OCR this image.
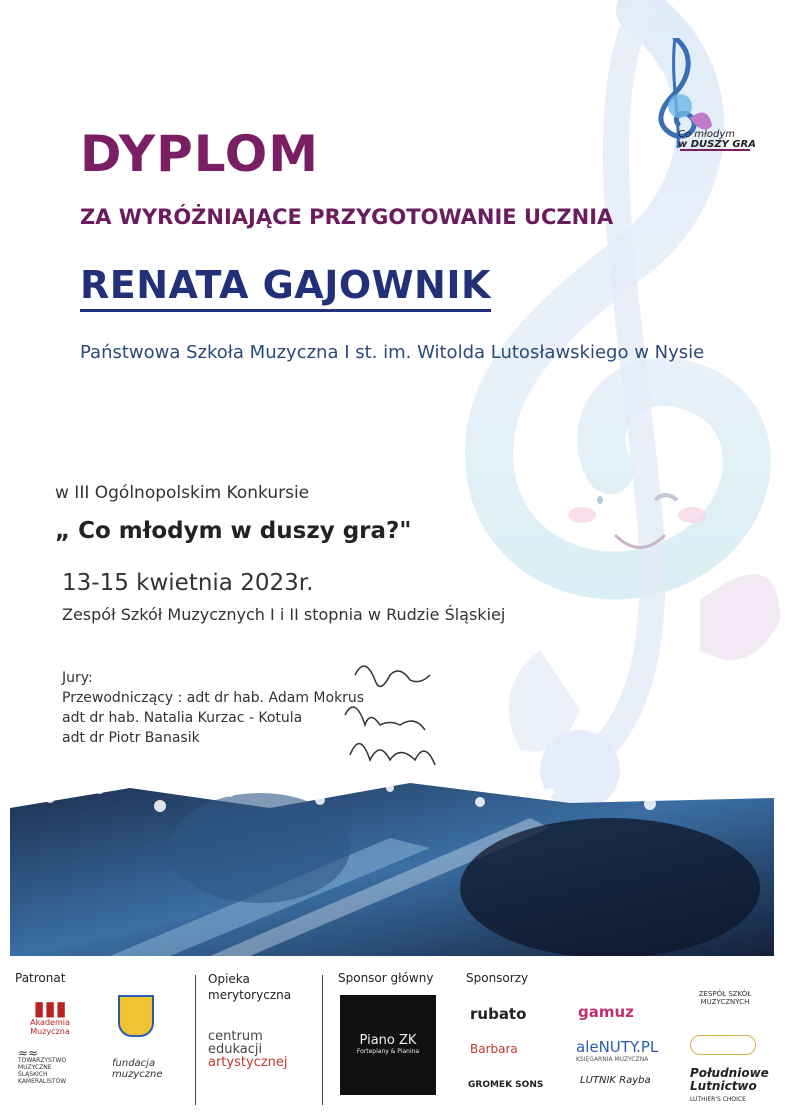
Co młodym
w DUSZY GRA
DYPLOM
ZA WYRÓŻNIAJĄCE PRZYGOTOWANIE UCZNIA
RENATA GAJOWNIK
Państwowa Szkoła Muzyczna I st. im. Witolda Lutosławskiego w Nysie
w III Ogólnopolskim Konkursie
„ Co młodym w duszy gra?"
13-15 kwietnia 2023r.
Zespół Szkół Muzycznych I i II stopnia w Rudzie Śląskiej
Jury:
Przewodniczący : adt dr hab. Adam Mokrus
adt dr hab. Natalia Kurzac - Kotula
adt dr Piotr Banasik
Patronat	Opieka merytoryczna
Sponsor główny	Sponsorzy
▮▮▮
Akademia Muzyczna
≈≈
TOWARZYSTWO MUZYCZNE ŚLĄSKICH KAMERALISTÓW
fundacja muzyczne
centrum
edukacji
artystycznej
Piano ZK
Fortepiany & Pianina
rubato
Barbara
GROMEK SONS
gamuz
aleNUTY.PL
KSIĘGARNIA MUZYCZNA
LUTNIK Rayba
ZESPÓŁ SZKÓŁ MUZYCZNYCH
Południowe
Lutnictwo
LUTHIER'S CHOICE
